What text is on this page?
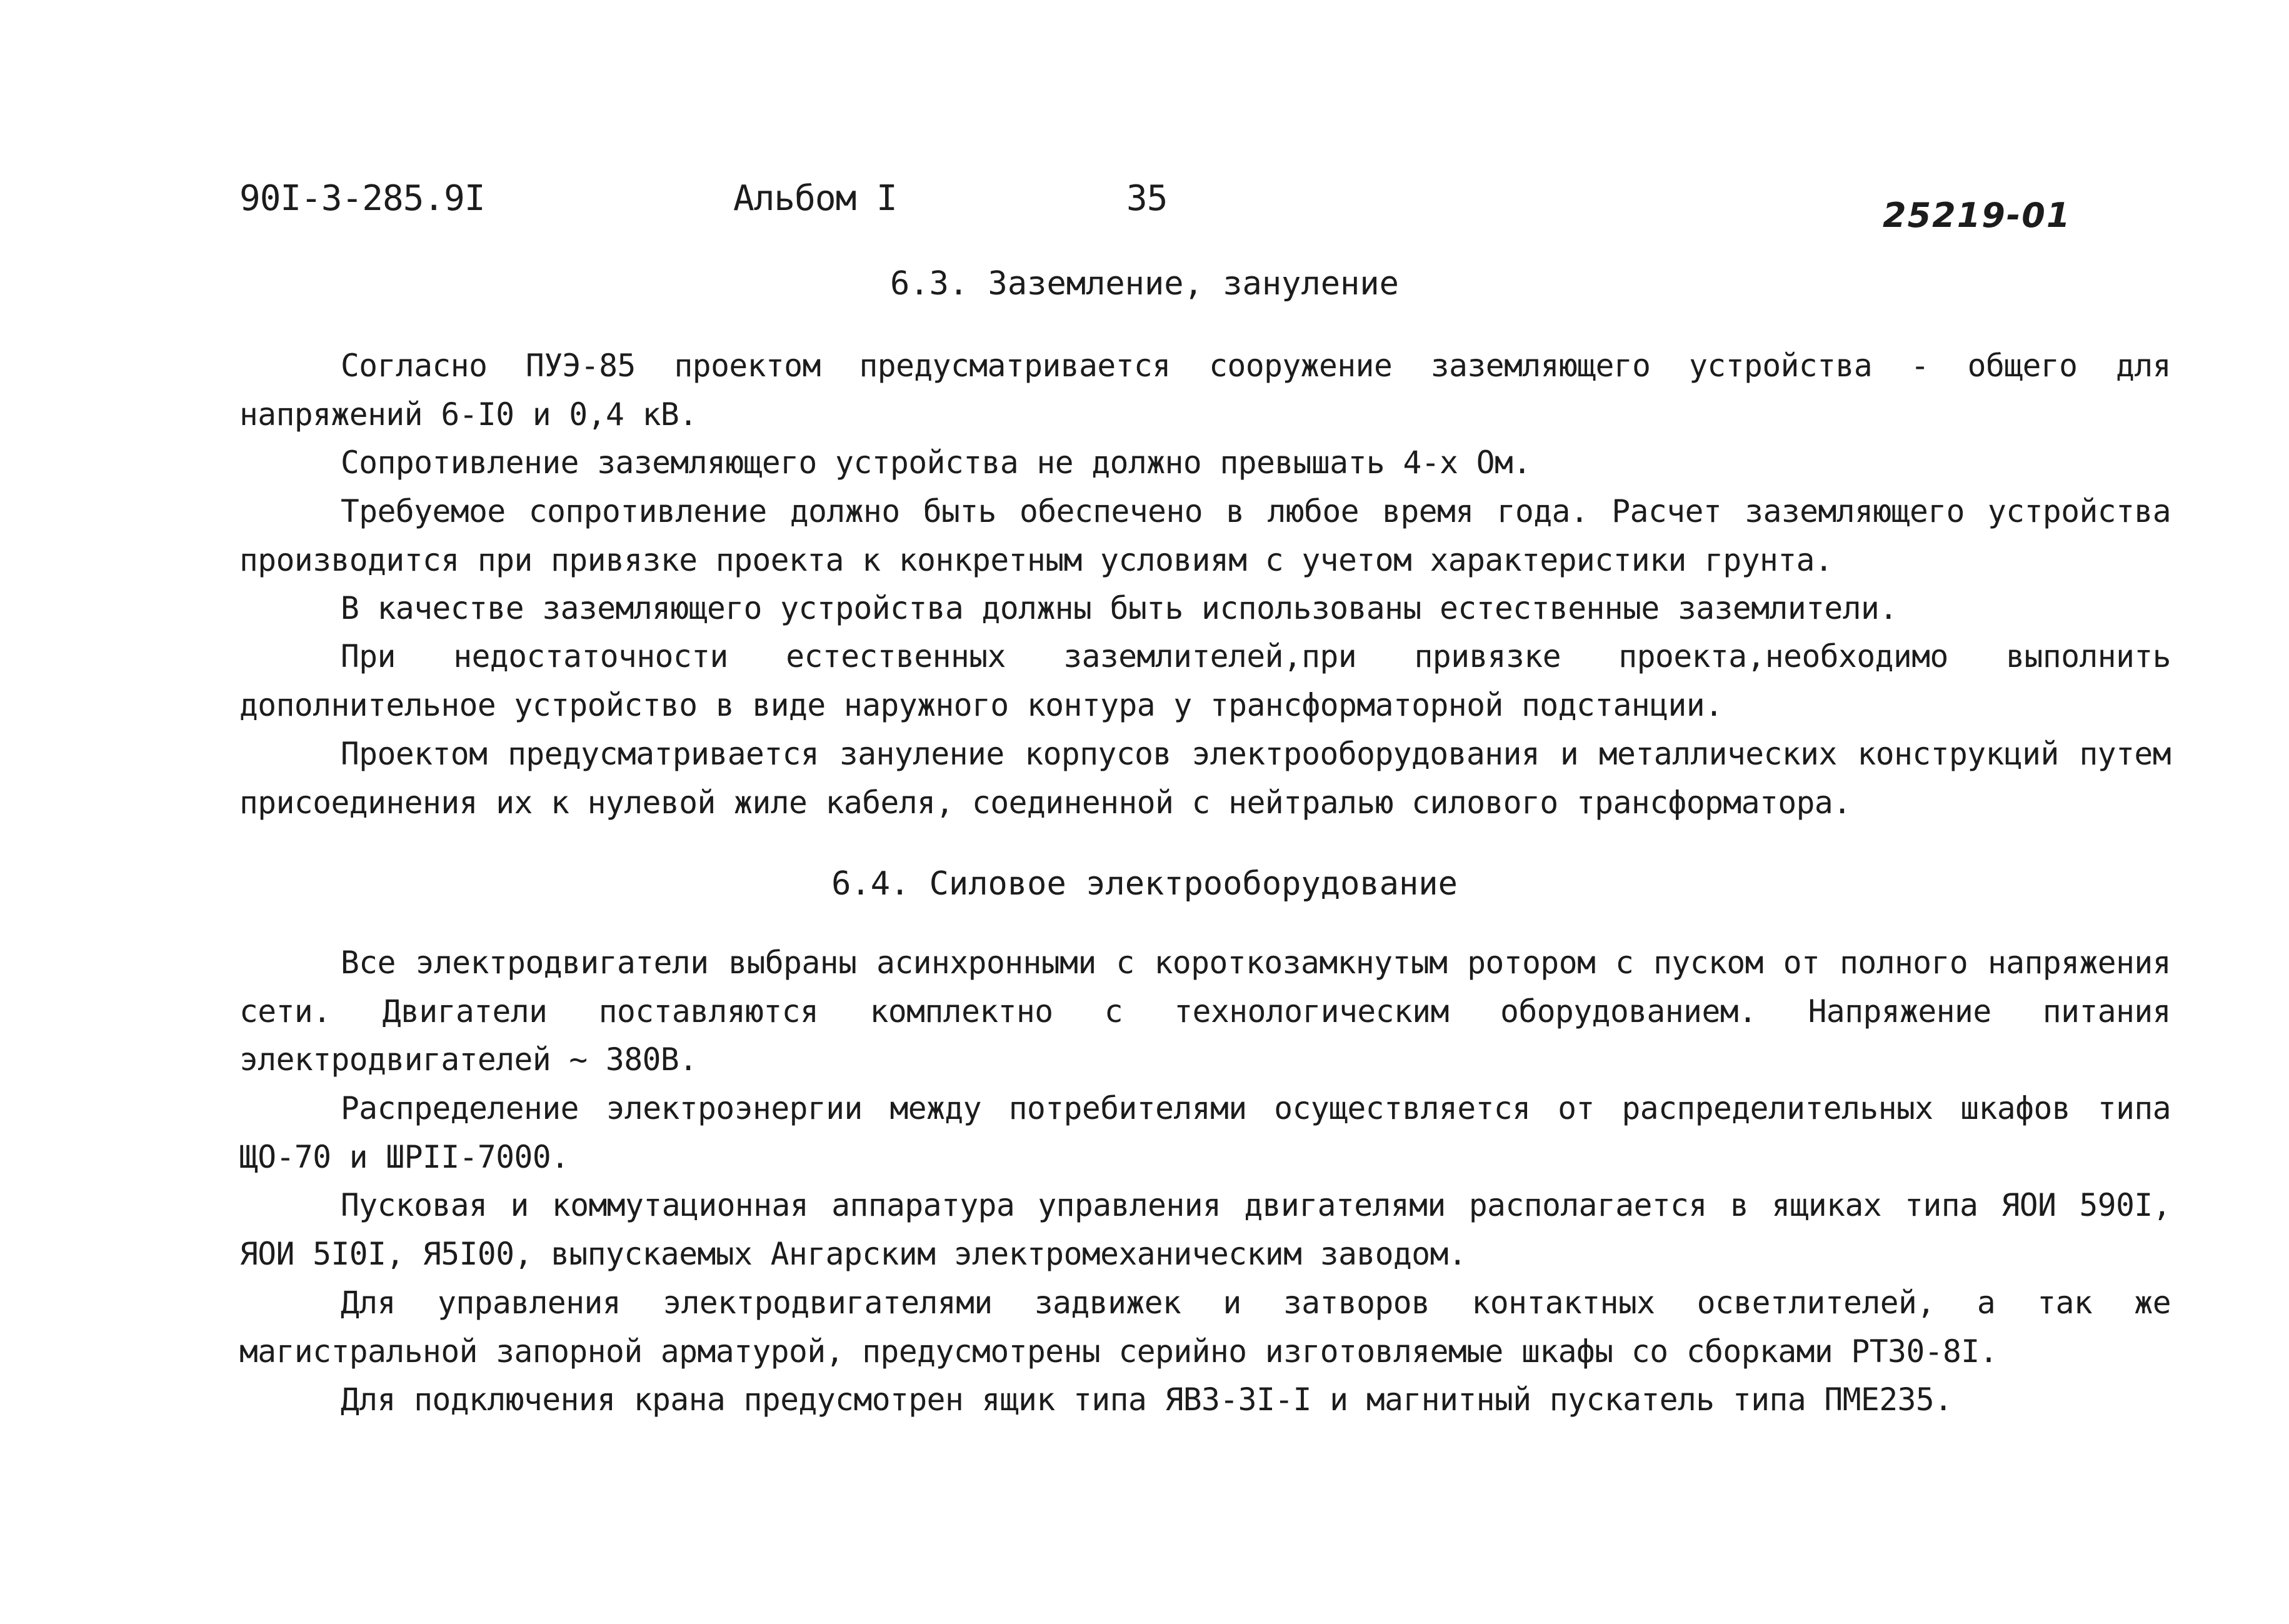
90I-3-285.9I	Альбом I	35	25219-01
6.3. Заземление, зануление
Согласно ПУЭ-85 проектом предусматривается сооружение заземляющего устройства - общего для напряжений 6-I0 и 0,4 кВ.
Сопротивление заземляющего устройства не должно превышать 4-х Ом.
Требуемое сопротивление должно быть обеспечено в любое время года. Расчет заземляющего устройства производится при привязке проекта к конкретным условиям с учетом характеристики грунта.
В качестве заземляющего устройства должны быть использованы естественные заземлители.
При недостаточности естественных заземлителей,при привязке проекта,необходимо выполнить дополнительное устройство в виде наружного контура у трансформаторной подстанции.
Проектом предусматривается зануление корпусов электрооборудования и металлических конструкций путем присоединения их к нулевой жиле кабеля, соединенной с нейтралью силового трансформатора.
6.4. Силовое электрооборудование
Все электродвигатели выбраны асинхронными с короткозамкнутым ротором с пуском от полного напряжения сети. Двигатели поставляются комплектно с технологическим оборудованием. Напряжение питания электродвигателей ~ 380В.
Распределение электроэнергии между потребителями осуществляется от распределительных шкафов типа ЩО-70 и ШРII-7000.
Пусковая и коммутационная аппаратура управления двигателями располагается в ящиках типа ЯОИ 590I, ЯОИ 5I0I, Я5I00, выпускаемых Ангарским электромеханическим заводом.
Для управления электродвигателями задвижек и затворов контактных осветлителей, а так же магистральной запорной арматурой, предусмотрены серийно изготовляемые шкафы со сборками РТ30-8I.
Для подключения крана предусмотрен ящик типа ЯВЗ-3I-I и магнитный пускатель типа ПМЕ235.
